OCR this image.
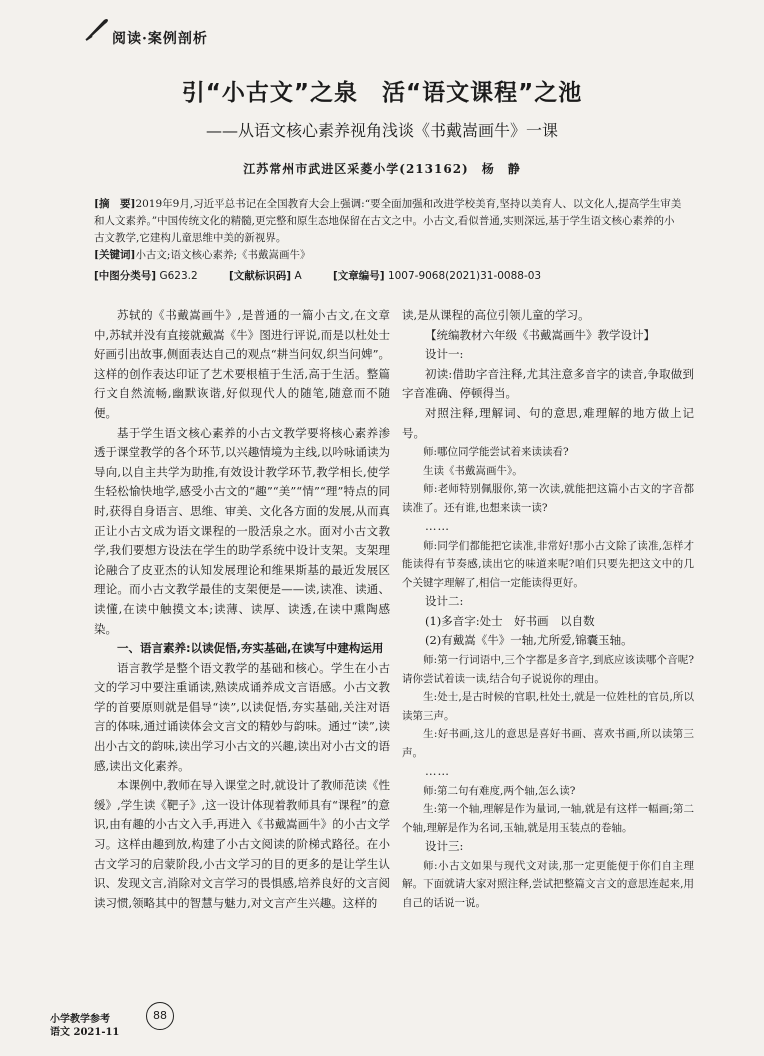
阅读·案例剖析
引“小古文”之泉　活“语文课程”之池
——从语文核心素养视角浅谈《书戴嵩画牛》一课
江苏常州市武进区采菱小学(213162)　杨　静

[摘　要]2019年9月,习近平总书记在全国教育大会上强调:“要全面加强和改进学校美育,坚持以美育人、以文化人,提高学生审美和人文素养。”中国传统文化的精髓,更完整和原生态地保留在古文之中。小古文,看似普通,实则深远,基于学生语文核心素养的小古文教学,它建构儿童思维中美的新视界。

[关键词]小古文;语文核心素养;《书戴嵩画牛》

[中图分类号] G623.2	[文献标识码] A	[文章编号] 1007-9068(2021)31-0088-03

苏轼的《书戴嵩画牛》,是普通的一篇小古文,在文章中,苏轼并没有直接就戴嵩《牛》图进行评说,而是以杜处士好画引出故事,侧面表达自己的观点“耕当问奴,织当问婢”。这样的创作表达印证了艺术要根植于生活,高于生活。整篇行文自然流畅,幽默诙谐,好似现代人的随笔,随意而不随便。

基于学生语文核心素养的小古文教学要将核心素养渗透于课堂教学的各个环节,以兴趣情境为主线,以吟咏诵读为导向,以自主共学为助推,有效设计教学环节,教学相长,使学生轻松愉快地学,感受小古文的“趣”“美”“情”“理”特点的同时,获得自身语言、思维、审美、文化各方面的发展,从而真正让小古文成为语文课程的一股活泉之水。面对小古文教学,我们要想方设法在学生的助学系统中设计支架。支架理论融合了皮亚杰的认知发展理论和维果斯基的最近发展区理论。而小古文教学最佳的支架便是——读,读准、读通、读懂,在读中触摸文本;读薄、读厚、读透,在读中熏陶感染。

一、语言素养:以读促悟,夯实基础,在读写中建构运用

语言教学是整个语文教学的基础和核心。学生在小古文的学习中要注重诵读,熟读成诵养成文言语感。小古文教学的首要原则就是倡导“读”,以读促悟,夯实基础,关注对语言的体味,通过诵读体会文言文的精妙与韵味。通过“读”,读出小古文的韵味,读出学习小古文的兴趣,读出对小古文的语感,读出文化素养。

本课例中,教师在导入课堂之时,就设计了教师范读《性缓》,学生读《靶子》,这一设计体现着教师具有“课程”的意识,由有趣的小古文入手,再进入《书戴嵩画牛》的小古文学习。这样由趣到放,构建了小古文阅读的阶梯式路径。在小古文学习的启蒙阶段,小古文学习的目的更多的是让学生认识、发现文言,消除对文言学习的畏惧感,培养良好的文言阅读习惯,领略其中的智慧与魅力,对文言产生兴趣。这样的

读,是从课程的高位引领儿童的学习。

【统编教材六年级《书戴嵩画牛》教学设计】

设计一:

初读:借助字音注释,尤其注意多音字的读音,争取做到字音准确、停顿得当。

对照注释,理解词、句的意思,难理解的地方做上记号。

师:哪位同学能尝试着来读读看?

生读《书戴嵩画牛》。

师:老师特别佩服你,第一次读,就能把这篇小古文的字音都读准了。还有谁,也想来读一读?

……

师:同学们都能把它读准,非常好!那小古文除了读准,怎样才能读得有节奏感,读出它的味道来呢?咱们只要先把这文中的几个关键字理解了,相信一定能读得更好。

设计二:

(1)多音字:处士　好书画　以自数

(2)有戴嵩《牛》一轴,尤所爱,锦囊玉轴。

师:第一行词语中,三个字都是多音字,到底应该读哪个音呢?请你尝试着读一读,结合句子说说你的理由。

生:处士,是古时候的官职,杜处士,就是一位姓杜的官员,所以读第三声。

生:好书画,这儿的意思是喜好书画、喜欢书画,所以读第三声。

……

师:第二句有难度,两个轴,怎么读?

生:第一个轴,理解是作为量词,一轴,就是有这样一幅画;第二个轴,理解是作为名词,玉轴,就是用玉装点的卷轴。

设计三:

师:小古文如果与现代文对读,那一定更能便于你们自主理解。下面就请大家对照注释,尝试把整篇文言文的意思连起来,用自己的话说一说。

小学教学参考
语文 2021-11
88
